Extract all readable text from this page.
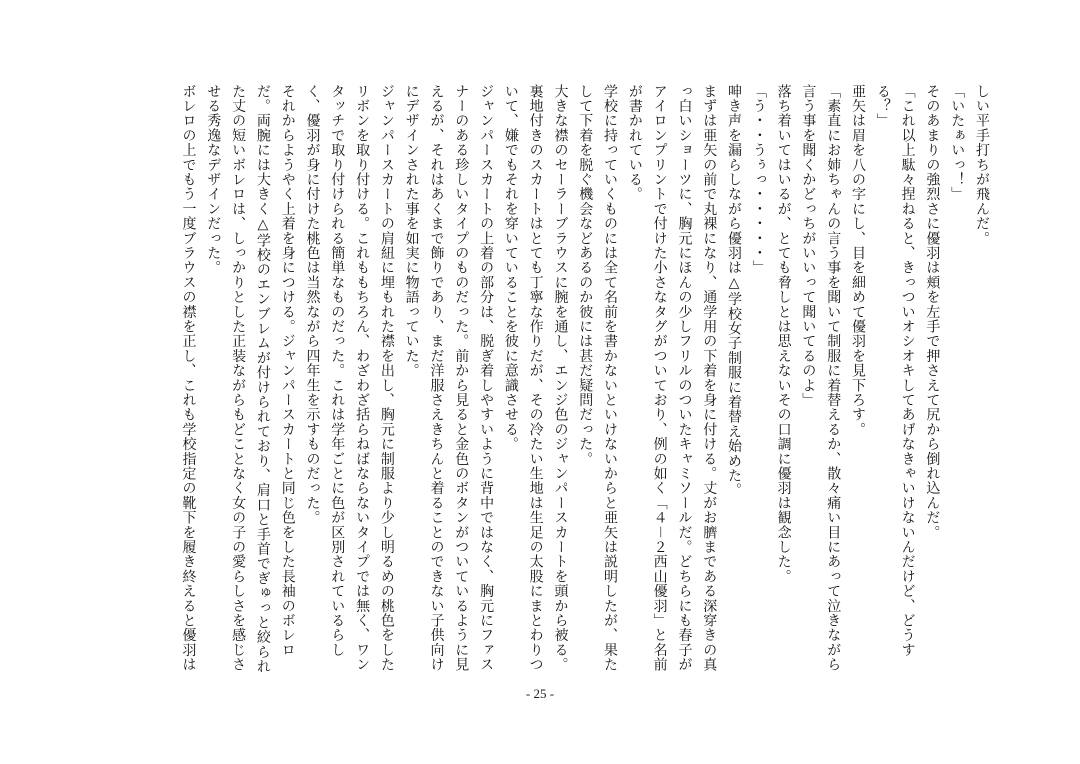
しい平手打ちが飛んだ。

「いたぁいっ！」

そのあまりの強烈さに優羽は頬を左手で押さえて尻から倒れ込んだ。

「これ以上駄々捏ねると、きっついオシオキしてあげなきゃいけないんだけど、どうする？」

亜矢は眉を八の字にし、目を細めて優羽を見下ろす。

「素直にお姉ちゃんの言う事を聞いて制服に着替えるか、散々痛い目にあって泣きながら言う事を聞くかどっちがいいって聞いてるのよ」

落ち着いてはいるが、とても脅しとは思えないその口調に優羽は観念した。

「う・・うぅっ・・・・・」

呻き声を漏らしながら優羽は△学校女子制服に着替え始めた。

まずは亜矢の前で丸裸になり、通学用の下着を身に付ける。丈がお臍まである深穿きの真っ白いショーツに、胸元にほんの少しフリルのついたキャミソールだ。どちらにも春子がアイロンプリントで付けた小さなタグがついており、例の如く「４－２西山優羽」と名前が書かれている。

学校に持っていくものには全て名前を書かないといけないからと亜矢は説明したが、果たして下着を脱ぐ機会などあるのか彼には甚だ疑問だった。

大きな襟のセーラーブラウスに腕を通し、エンジ色のジャンパースカートを頭から被る。裏地付きのスカートはとても丁寧な作りだが、その冷たい生地は生足の太股にまとわりついて、嫌でもそれを穿いていることを彼に意識させる。

ジャンパースカートの上着の部分は、脱ぎ着しやすいように背中ではなく、胸元にファスナーのある珍しいタイプのものだった。前から見ると金色のボタンがついているように見えるが、それはあくまで飾りであり、まだ洋服さえきちんと着ることのできない子供向けにデザインされた事を如実に物語っていた。

ジャンパースカートの肩紐に埋もれた襟を出し、胸元に制服より少し明るめの桃色をしたリボンを取り付ける。これももちろん、わざわざ括らねばならないタイプでは無く、ワンタッチで取り付けられる簡単なものだった。これは学年ごとに色が区別されているらしく、優羽が身に付けた桃色は当然ながら四年生を示すものだった。

それからようやく上着を身につける。ジャンパースカートと同じ色をした長袖のボレロだ。両腕には大きく△学校のエンブレムが付けられており、肩口と手首でぎゅっと絞られた丈の短いボレロは、しっかりとした正装ながらもどことなく女の子の愛らしさを感じさせる秀逸なデザインだった。

ボレロの上でもう一度ブラウスの襟を正し、これも学校指定の靴下を履き終えると優羽は

- 25 -
